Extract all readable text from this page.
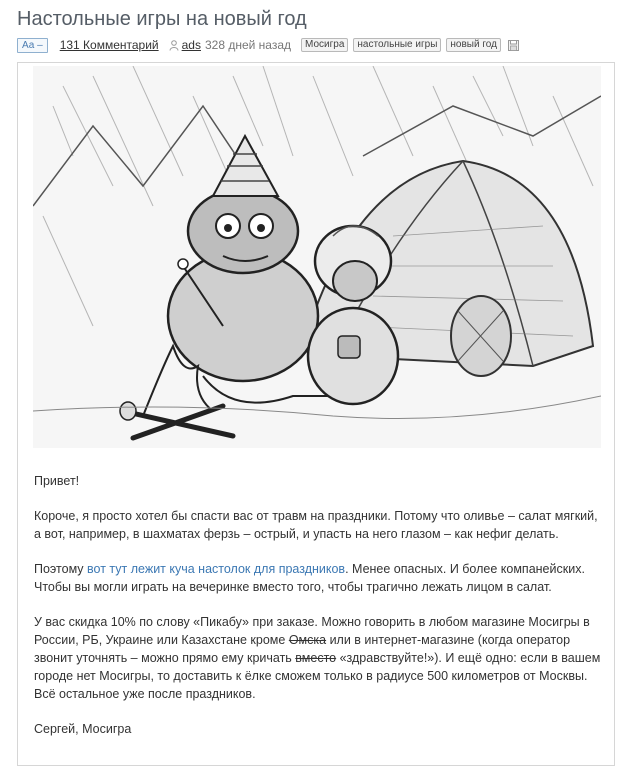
Настольные игры на новый год
Аа –	131 Комментарий ads 328 дней назад	Мосигра	настольные игры	новый год

Привет!

Короче, я просто хотел бы спасти вас от травм на праздники. Потому что оливье – салат мягкий, а вот, например, в шахматах ферзь – острый, и упасть на него глазом – как нефиг делать.

Поэтому вот тут лежит куча настолок для праздников. Менее опасных. И более компанейских. Чтобы вы могли играть на вечеринке вместо того, чтобы трагично лежать лицом в салат.

У вас скидка 10% по слову «Пикабу» при заказе. Можно говорить в любом магазине Мосигры в России, РБ, Украине или Казахстане кроме Омска или в интернет-магазине (когда оператор звонит уточнять – можно прямо ему кричать вместо «здравствуйте!»). И ещё одно: если в вашем городе нет Мосигры, то доставить к ёлке сможем только в радиусе 500 километров от Москвы. Всё остальное уже после праздников.

Сергей, Мосигра
